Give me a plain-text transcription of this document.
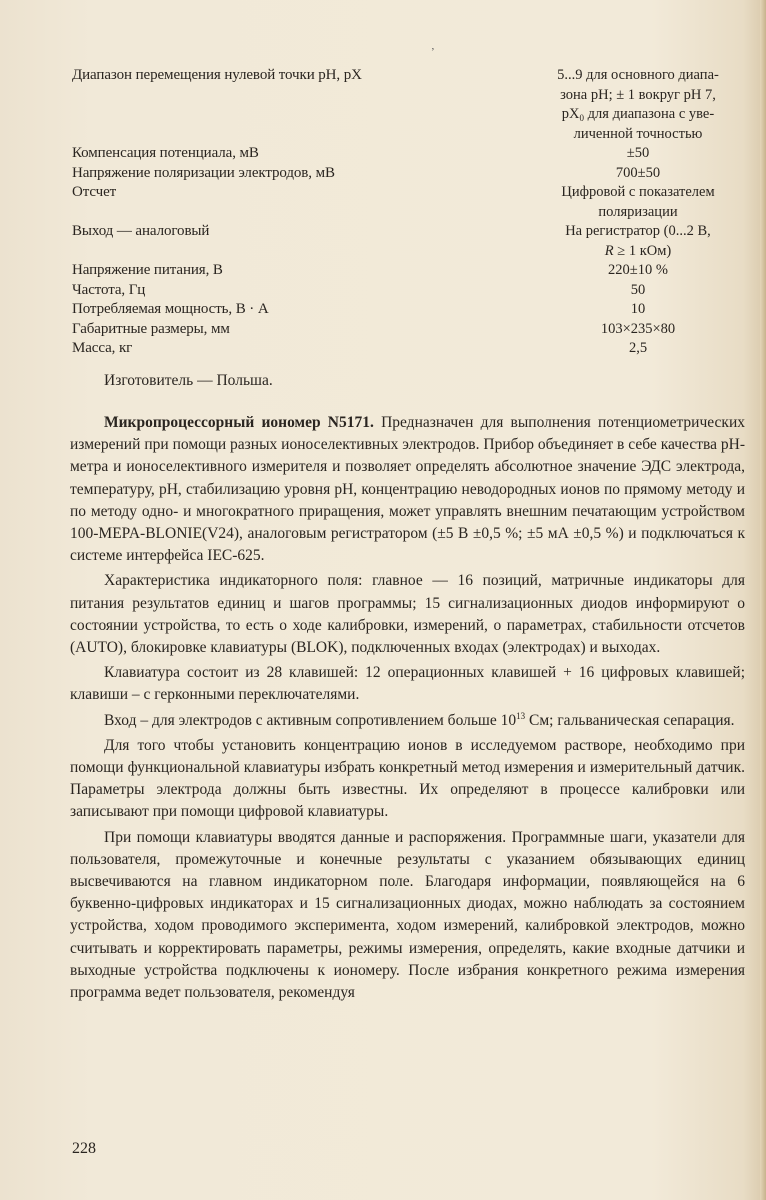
‚
Диапазон перемещения нулевой точки pH, pX	5...9 для основного диапа-
зона pH; ± 1 вокруг pH 7,
$pX_0$ для диапазона с уве-
личенной точностью
Компенсация потенциала, мВ	±50
Напряжение поляризации электродов, мВ	700±50
Отсчет	Цифровой с показателем
поляризации
Выход — аналоговый	На регистратор (0...2 В,
R ≥ 1 кОм)
Напряжение питания, В	220±10 %
Частота, Гц	50
Потребляемая мощность, В · А	10
Габаритные размеры, мм	103×235×80
Масса, кг	2,5
Изготовитель — Польша.

Микропроцессорный иономер N5171. Предназначен для выполнения потенциометрических измерений при помощи разных ионоселективных электродов. Прибор объединяет в себе качества pH-метра и ионоселективного измерителя и позволяет определять абсолютное значение ЭДС электрода, температуру, pH, стабилизацию уровня pH, концентрацию неводородных ионов по прямому методу и по методу одно- и многократного приращения, может управлять внешним печатающим устройством 100-MEPA-BLONIE(V24), аналоговым регистратором (±5 В ±0,5 %; ±5 мА ±0,5 %) и подключаться к системе интерфейса IEC-625.

Характеристика индикаторного поля: главное — 16 позиций, матричные индикаторы для питания результатов единиц и шагов программы; 15 сигнализационных диодов информируют о состоянии устройства, то есть о ходе калибровки, измерений, о параметрах, стабильности отсчетов (AUTO), блокировке клавиатуры (BLOK), подключенных входах (электродах) и выходах.

Клавиатура состоит из 28 клавишей: 12 операционных клавишей + 16 цифровых клавишей; клавиши – с герконными переключателями.

Вход – для электродов с активным сопротивлением больше $10^{13}$ См; гальваническая сепарация.

Для того чтобы установить концентрацию ионов в исследуемом растворе, необходимо при помощи функциональной клавиатуры избрать конкретный метод измерения и измерительный датчик. Параметры электрода должны быть известны. Их определяют в процессе калибровки или записывают при помощи цифровой клавиатуры.

При помощи клавиатуры вводятся данные и распоряжения. Программные шаги, указатели для пользователя, промежуточные и конечные результаты с указанием обязывающих единиц высвечиваются на главном индикаторном поле. Благодаря информации, появляющейся на 6 буквенно-цифровых индикаторах и 15 сигнализационных диодах, можно наблюдать за состоянием устройства, ходом проводимого эксперимента, ходом измерений, калибровкой электродов, можно считывать и корректировать параметры, режимы измерения, определять, какие входные датчики и выходные устройства подключены к иономеру. После избрания конкретного режима измерения программа ведет пользователя, рекомендуя

228
